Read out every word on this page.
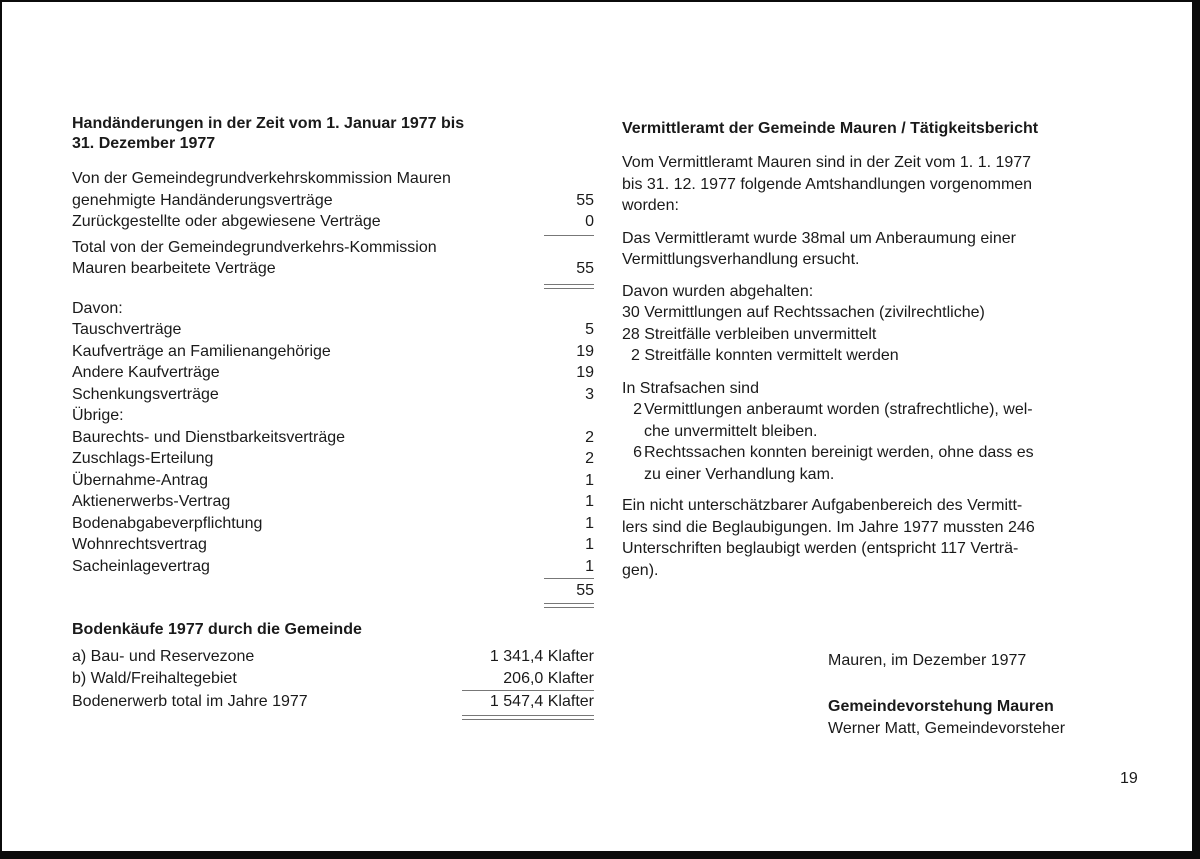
Handänderungen in der Zeit vom 1. Januar 1977 bis
31. Dezember 1977

Von der Gemeindegrundverkehrskommission Mauren
genehmigte Handänderungsverträge	55
Zurückgestellte oder abgewiesene Verträge	0
Total von der Gemeindegrundverkehrs-Kommission
Mauren bearbeitete Verträge	55
Davon:
Tauschverträge	5
Kaufverträge an Familienangehörige	19
Andere Kaufverträge	19
Schenkungsverträge	3
Übrige:
Baurechts- und Dienstbarkeitsverträge	2
Zuschlags-Erteilung	2
Übernahme-Antrag	1
Aktienerwerbs-Vertrag	1
Bodenabgabeverpflichtung	1
Wohnrechtsvertrag	1
Sacheinlagevertrag	1
55

Bodenkäufe 1977 durch die Gemeinde

a) Bau- und Reservezone	1 341,4 Klafter
b) Wald/Freihaltegebiet	206,0 Klafter
Bodenerwerb total im Jahre 1977	1 547,4 Klafter

Vermittleramt der Gemeinde Mauren / Tätigkeitsbericht

Vom Vermittleramt Mauren sind in der Zeit vom 1. 1. 1977
bis 31. 12. 1977 folgende Amtshandlungen vorgenommen
worden:

Das Vermittleramt wurde 38mal um Anberaumung einer
Vermittlungsverhandlung ersucht.

Davon wurden abgehalten:
30 Vermittlungen auf Rechtssachen (zivilrechtliche)
28 Streitfälle verbleiben unvermittelt
2 Streitfälle konnten vermittelt werden
In Strafsachen sind
2 Vermittlungen anberaumt worden (strafrechtliche), wel-
che unvermittelt bleiben.
6 Rechtssachen konnten bereinigt werden, ohne dass es
zu einer Verhandlung kam.

Ein nicht unterschätzbarer Aufgabenbereich des Vermitt-
lers sind die Beglaubigungen. Im Jahre 1977 mussten 246
Unterschriften beglaubigt werden (entspricht 117 Verträ-
gen).

Mauren, im Dezember 1977
Gemeindevorstehung Mauren
Werner Matt, Gemeindevorsteher
19
